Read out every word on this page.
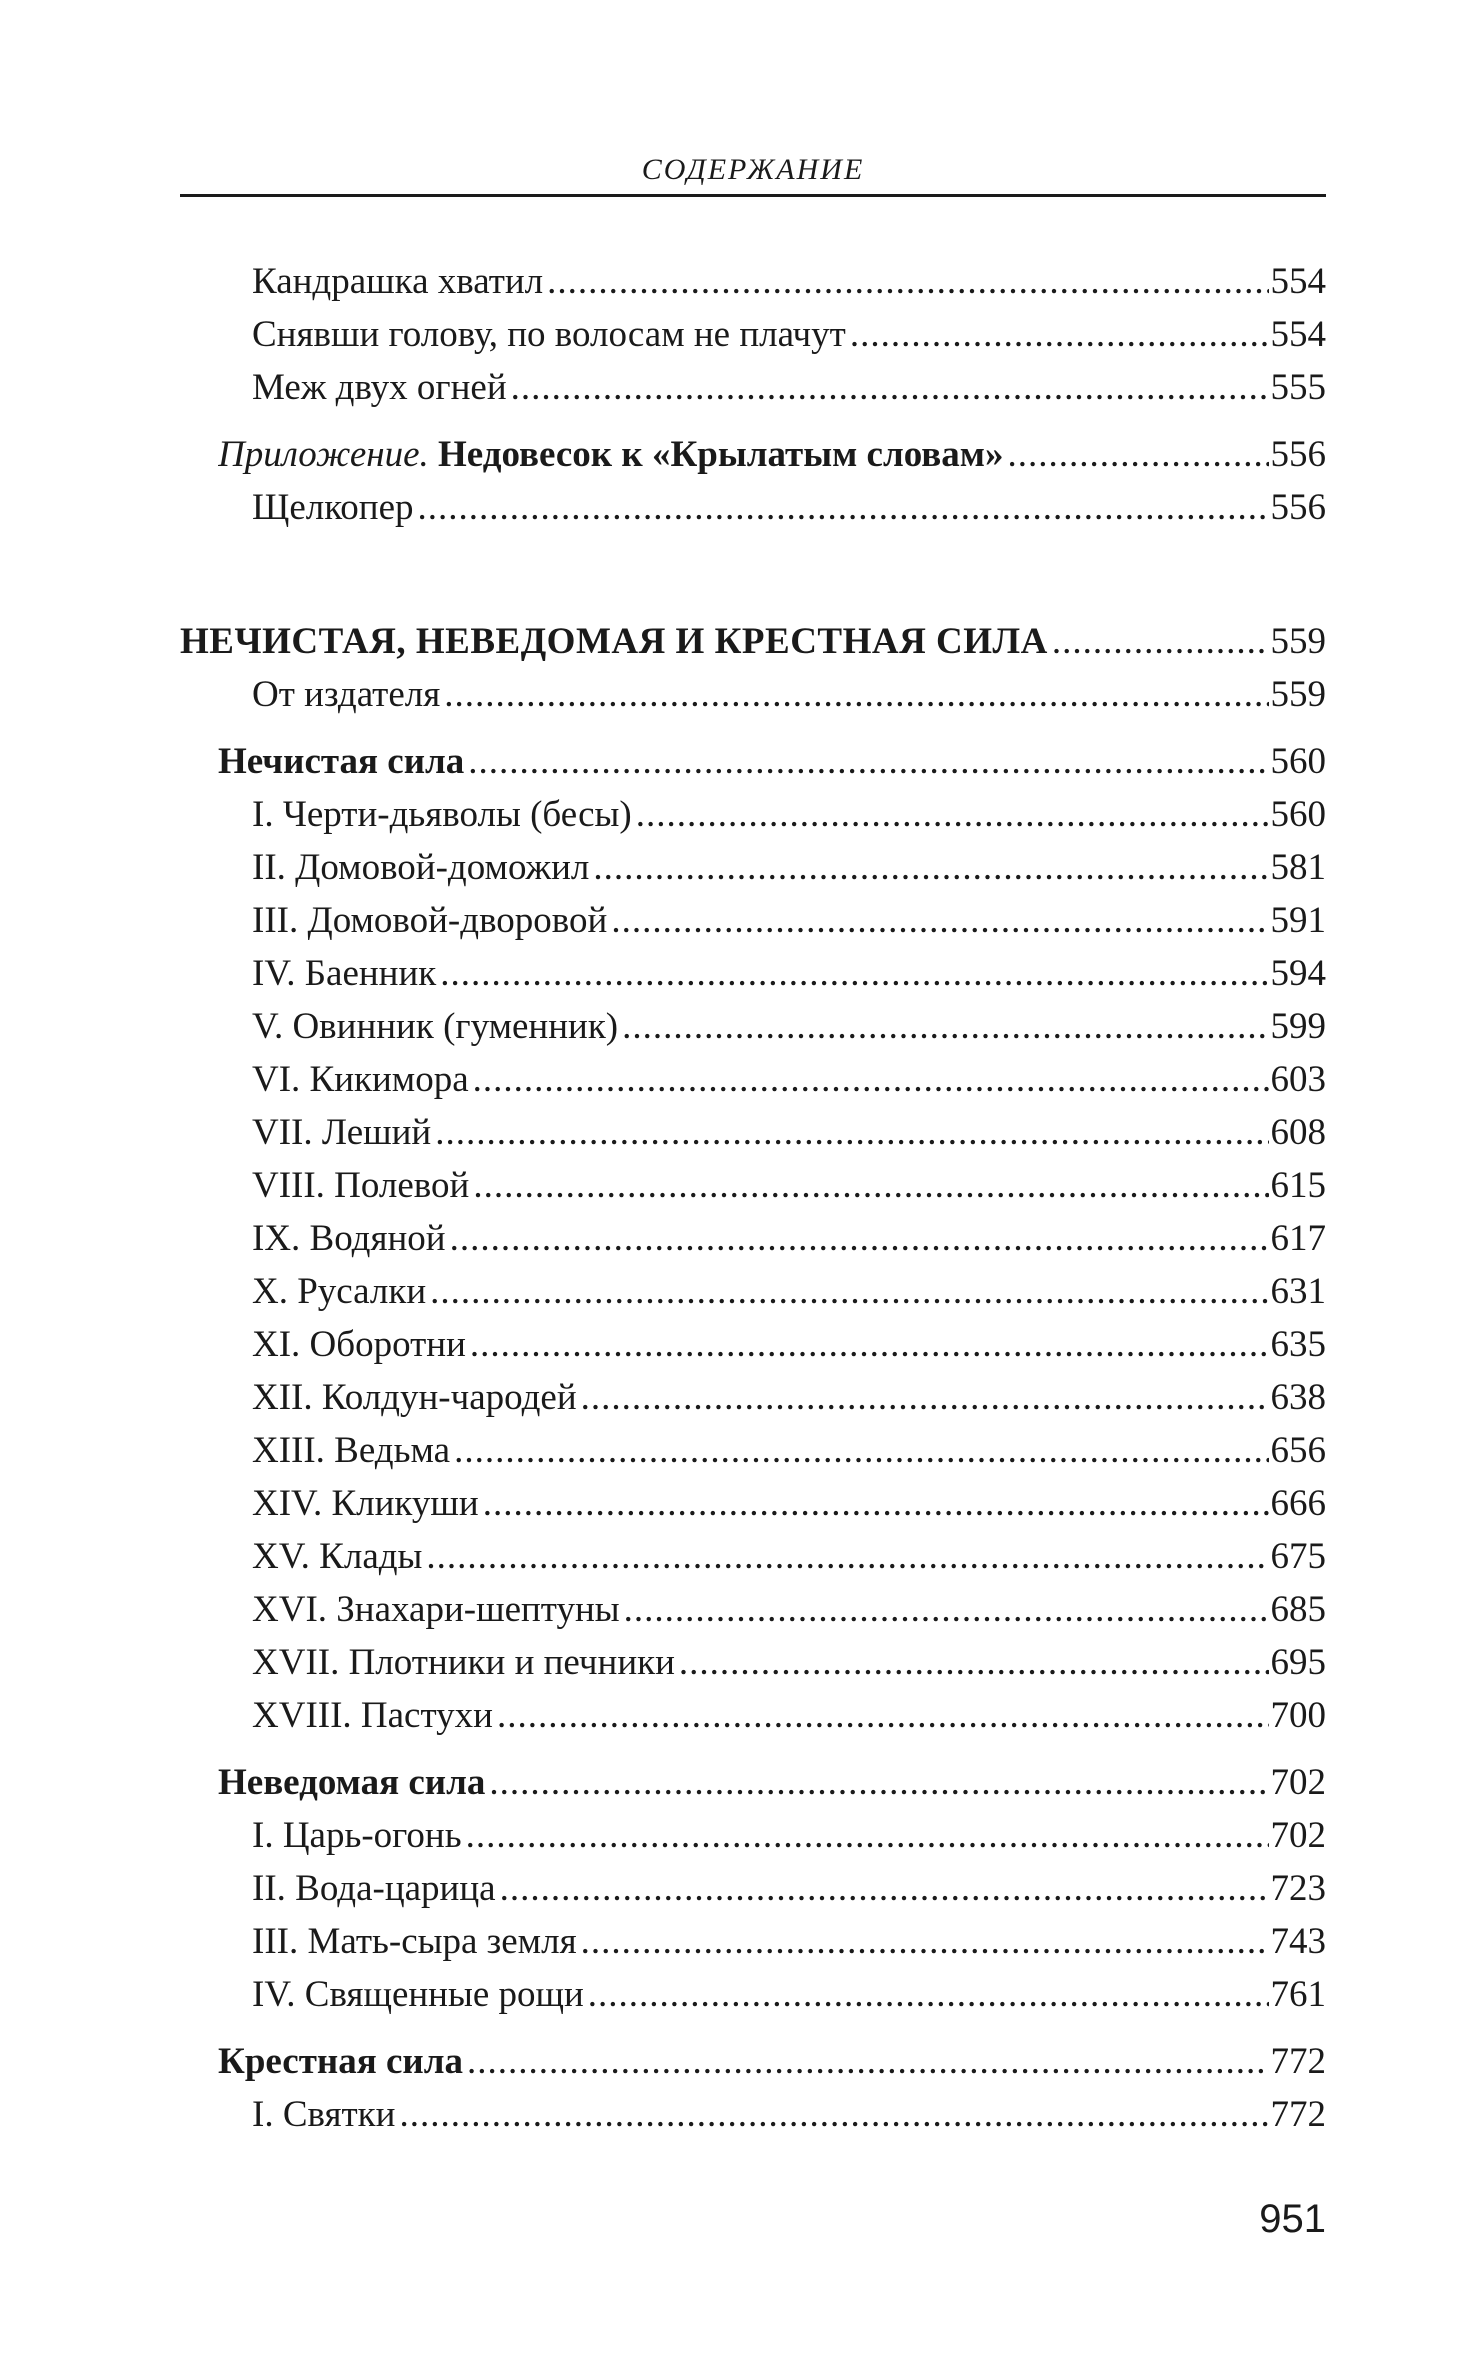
СОДЕРЖАНИЕ
Кандрашка хватил .....	554
Снявши голову, по волосам не плачут .....	554
Меж двух огней .....	555
Приложение. Недовесок к «Крылатым словам» .....	556
Щелкопер .....	556
НЕЧИСТАЯ, НЕВЕДОМАЯ И КРЕСТНАЯ СИЛА .....	559
От издателя .....	559
Нечистая сила .....	560
I. Черти-дьяволы (бесы) .....	560
II. Домовой-доможил .....	581
III. Домовой-дворовой .....	591
IV. Баенник .....	594
V. Овинник (гуменник) .....	599
VI. Кикимора .....	603
VII. Леший .....	608
VIII. Полевой .....	615
IX. Водяной .....	617
X. Русалки .....	631
XI. Оборотни .....	635
XII. Колдун-чародей .....	638
XIII. Ведьма .....	656
XIV. Кликуши .....	666
XV. Клады .....	675
XVI. Знахари-шептуны .....	685
XVII. Плотники и печники .....	695
XVIII. Пастухи .....	700
Неведомая сила .....	702
I. Царь-огонь .....	702
II. Вода-царица .....	723
III. Мать-сыра земля .....	743
IV. Священные рощи .....	761
Крестная сила .....	772
I. Святки .....	772
951
